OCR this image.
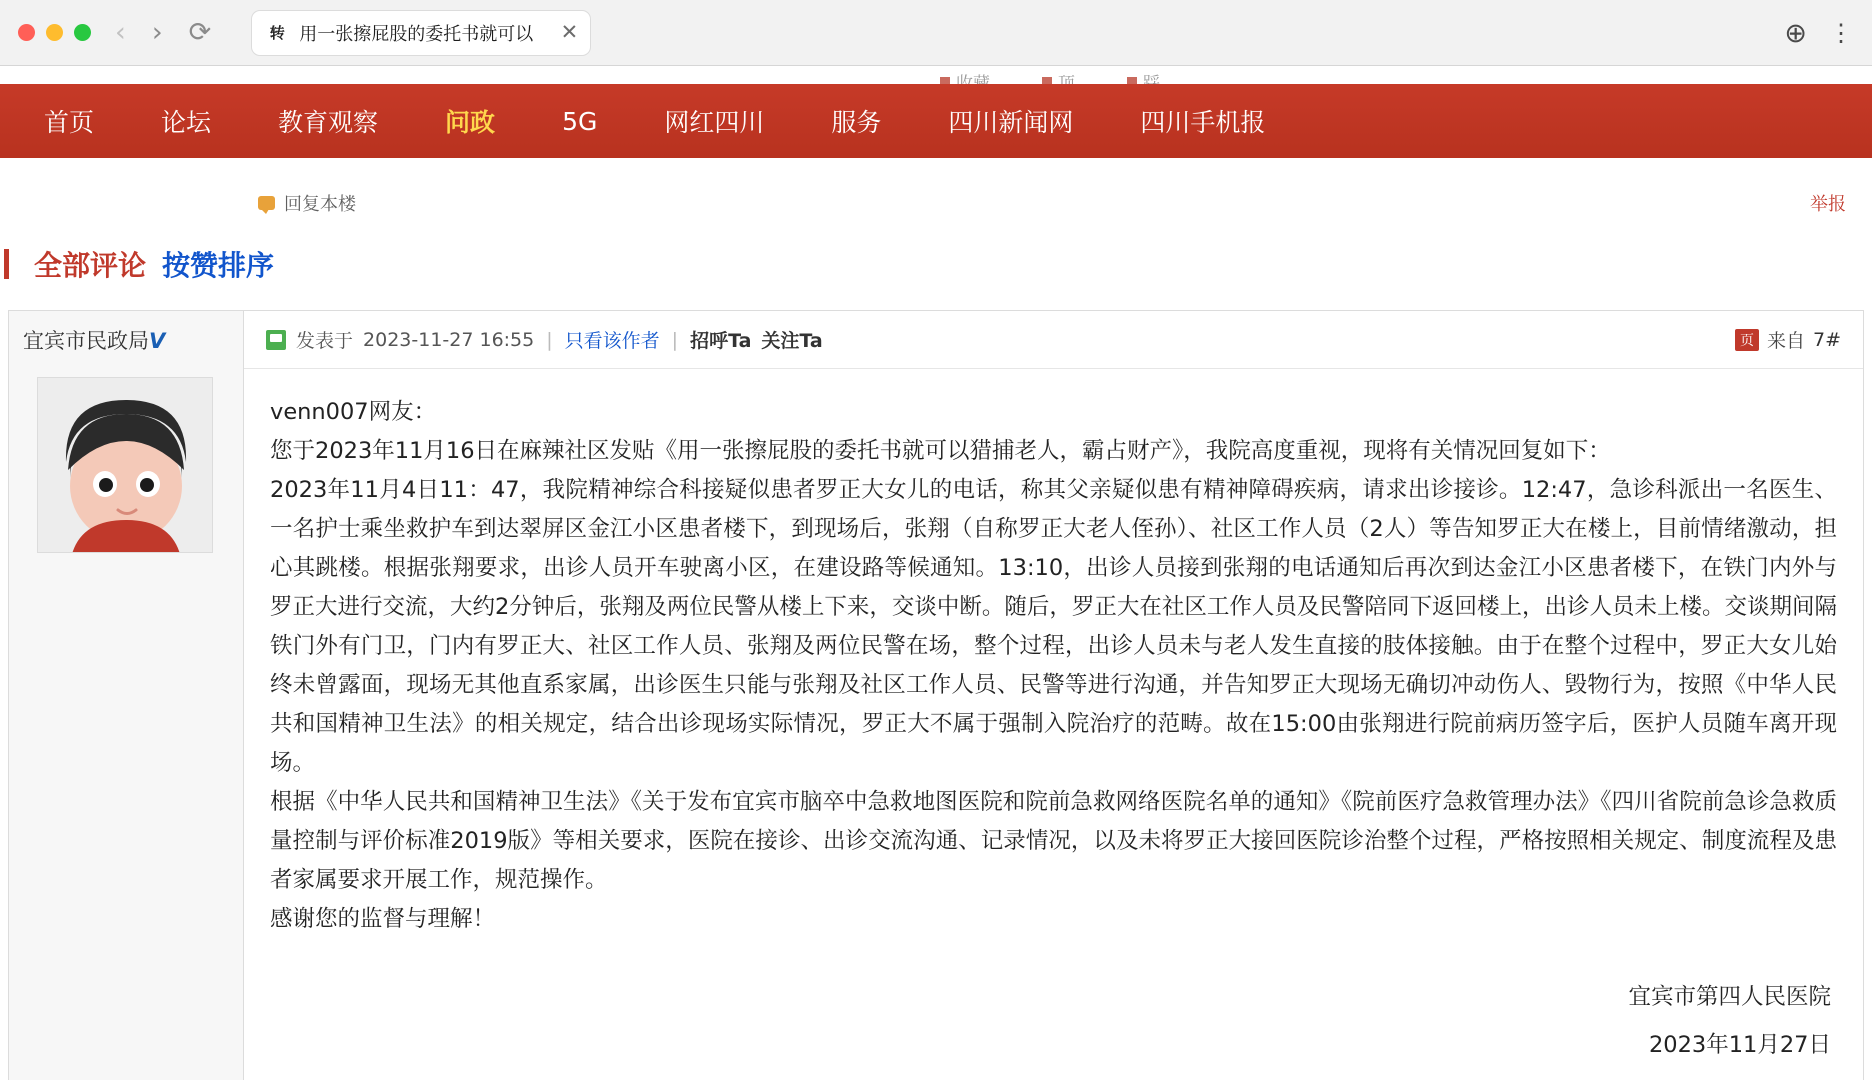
‹ › ⟳	转 用一张擦屁股的委托书就可以	✕	⊕ ⋮
首页	论坛	教育观察	问政	5G	网红四川	服务	四川新闻网	四川手机报
回复本楼	举报
全部评论 按赞排序
宜宾市民政局V	发表于 2023-11-27 16:55 | 只看该作者 | 招呼Ta 关注Ta	页 来自 7#

venn007网友：

您于2023年11月16日在麻辣社区发贴《用一张擦屁股的委托书就可以猎捕老人，霸占财产》，我院高度重视，现将有关情况回复如下：

2023年11月4日11：47，我院精神综合科接疑似患者罗正大女儿的电话，称其父亲疑似患有精神障碍疾病，请求出诊接诊。12:47，急诊科派出一名医生、一名护士乘坐救护车到达翠屏区金江小区患者楼下，到现场后，张翔（自称罗正大老人侄孙）、社区工作人员（2人）等告知罗正大在楼上，目前情绪激动，担心其跳楼。根据张翔要求，出诊人员开车驶离小区，在建设路等候通知。13:10，出诊人员接到张翔的电话通知后再次到达金江小区患者楼下，在铁门内外与罗正大进行交流，大约2分钟后，张翔及两位民警从楼上下来，交谈中断。随后，罗正大在社区工作人员及民警陪同下返回楼上，出诊人员未上楼。交谈期间隔铁门外有门卫，门内有罗正大、社区工作人员、张翔及两位民警在场，整个过程，出诊人员未与老人发生直接的肢体接触。由于在整个过程中，罗正大女儿始终未曾露面，现场无其他直系家属，出诊医生只能与张翔及社区工作人员、民警等进行沟通，并告知罗正大现场无确切冲动伤人、毁物行为，按照《中华人民共和国精神卫生法》的相关规定，结合出诊现场实际情况，罗正大不属于强制入院治疗的范畴。故在15:00由张翔进行院前病历签字后，医护人员随车离开现场。

根据《中华人民共和国精神卫生法》《关于发布宜宾市脑卒中急救地图医院和院前急救网络医院名单的通知》《院前医疗急救管理办法》《四川省院前急诊急救质量控制与评价标准2019版》等相关要求，医院在接诊、出诊交流沟通、记录情况，以及未将罗正大接回医院诊治整个过程，严格按照相关规定、制度流程及患者家属要求开展工作，规范操作。

感谢您的监督与理解！

宜宾市第四人民医院
2023年11月27日
